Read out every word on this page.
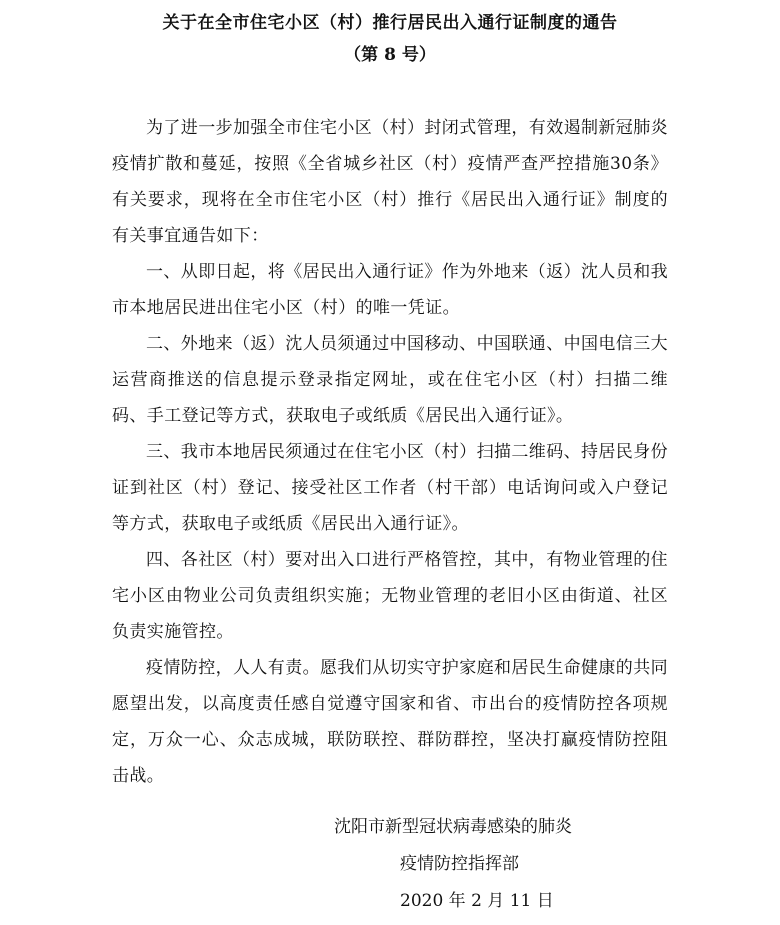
关于在全市住宅小区（村）推行居民出入通行证制度的通告
（第 8 号）

为了进一步加强全市住宅小区（村）封闭式管理，有效遏制新冠肺炎疫情扩散和蔓延，按照《全省城乡社区（村）疫情严查严控措施30条》有关要求，现将在全市住宅小区（村）推行《居民出入通行证》制度的有关事宜通告如下：

一、从即日起，将《居民出入通行证》作为外地来（返）沈人员和我市本地居民进出住宅小区（村）的唯一凭证。

二、外地来（返）沈人员须通过中国移动、中国联通、中国电信三大运营商推送的信息提示登录指定网址，或在住宅小区（村）扫描二维码、手工登记等方式，获取电子或纸质《居民出入通行证》。

三、我市本地居民须通过在住宅小区（村）扫描二维码、持居民身份证到社区（村）登记、接受社区工作者（村干部）电话询问或入户登记等方式，获取电子或纸质《居民出入通行证》。

四、各社区（村）要对出入口进行严格管控，其中，有物业管理的住宅小区由物业公司负责组织实施；无物业管理的老旧小区由街道、社区负责实施管控。

疫情防控，人人有责。愿我们从切实守护家庭和居民生命健康的共同愿望出发，以高度责任感自觉遵守国家和省、市出台的疫情防控各项规定，万众一心、众志成城，联防联控、群防群控，坚决打赢疫情防控阻击战。

沈阳市新型冠状病毒感染的肺炎
疫情防控指挥部
2020 年 2 月 11 日
